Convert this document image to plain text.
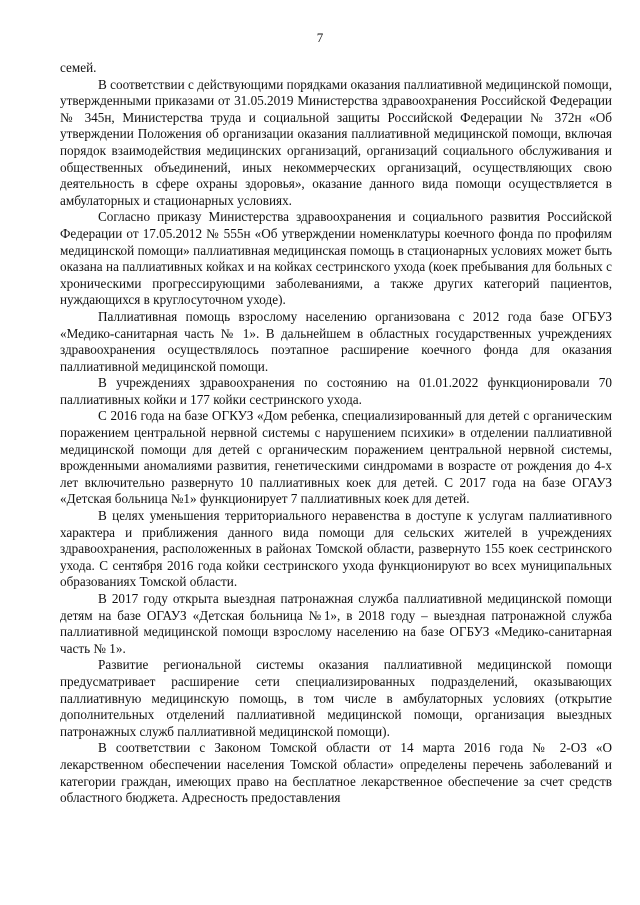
7

семей.

В соответствии с действующими порядками оказания паллиативной медицинской помощи, утвержденными приказами от 31.05.2019 Министерства здравоохранения Российской Федерации № 345н, Министерства труда и социальной защиты Российской Федерации № 372н «Об утверждении Положения об организации оказания паллиативной медицинской помощи, включая порядок взаимодействия медицинских организаций, организаций социального обслуживания и общественных объединений, иных некоммерческих организаций, осуществляющих свою деятельность в сфере охраны здоровья», оказание данного вида помощи осуществляется в амбулаторных и стационарных условиях.

Согласно приказу Министерства здравоохранения и социального развития Российской Федерации от 17.05.2012 № 555н «Об утверждении номенклатуры коечного фонда по профилям медицинской помощи» паллиативная медицинская помощь в стационарных условиях может быть оказана на паллиативных койках и на койках сестринского ухода (коек пребывания для больных с хроническими прогрессирующими заболеваниями, а также других категорий пациентов, нуждающихся в круглосуточном уходе).

Паллиативная помощь взрослому населению организована с 2012 года базе ОГБУЗ «Медико-санитарная часть № 1». В дальнейшем в областных государственных учреждениях здравоохранения осуществлялось поэтапное расширение коечного фонда для оказания паллиативной медицинской помощи.

В учреждениях здравоохранения по состоянию на 01.01.2022 функционировали 70 паллиативных койки и 177 койки сестринского ухода.

С 2016 года на базе ОГКУЗ «Дом ребенка, специализированный для детей с органическим поражением центральной нервной системы с нарушением психики» в отделении паллиативной медицинской помощи для детей с органическим поражением центральной нервной системы, врожденными аномалиями развития, генетическими синдромами в возрасте от рождения до 4-х лет включительно развернуто 10 паллиативных коек для детей. С 2017 года на базе ОГАУЗ «Детская больница №1» функционирует 7 паллиативных коек для детей.

В целях уменьшения территориального неравенства в доступе к услугам паллиативного характера и приближения данного вида помощи для сельских жителей в учреждениях здравоохранения, расположенных в районах Томской области, развернуто 155 коек сестринского ухода. С сентября 2016 года койки сестринского ухода функционируют во всех муниципальных образованиях Томской области.

В 2017 году открыта выездная патронажная служба паллиативной медицинской помощи детям на базе ОГАУЗ «Детская больница №1», в 2018 году – выездная патронажной служба паллиативной медицинской помощи взрослому населению на базе ОГБУЗ «Медико-санитарная часть № 1».

Развитие региональной системы оказания паллиативной медицинской помощи предусматривает расширение сети специализированных подразделений, оказывающих паллиативную медицинскую помощь, в том числе в амбулаторных условиях (открытие дополнительных отделений паллиативной медицинской помощи, организация выездных патронажных служб паллиативной медицинской помощи).

В соответствии с Законом Томской области от 14 марта 2016 года № 2-ОЗ «О лекарственном обеспечении населения Томской области» определены перечень заболеваний и категории граждан, имеющих право на бесплатное лекарственное обеспечение за счет средств областного бюджета. Адресность предоставления
